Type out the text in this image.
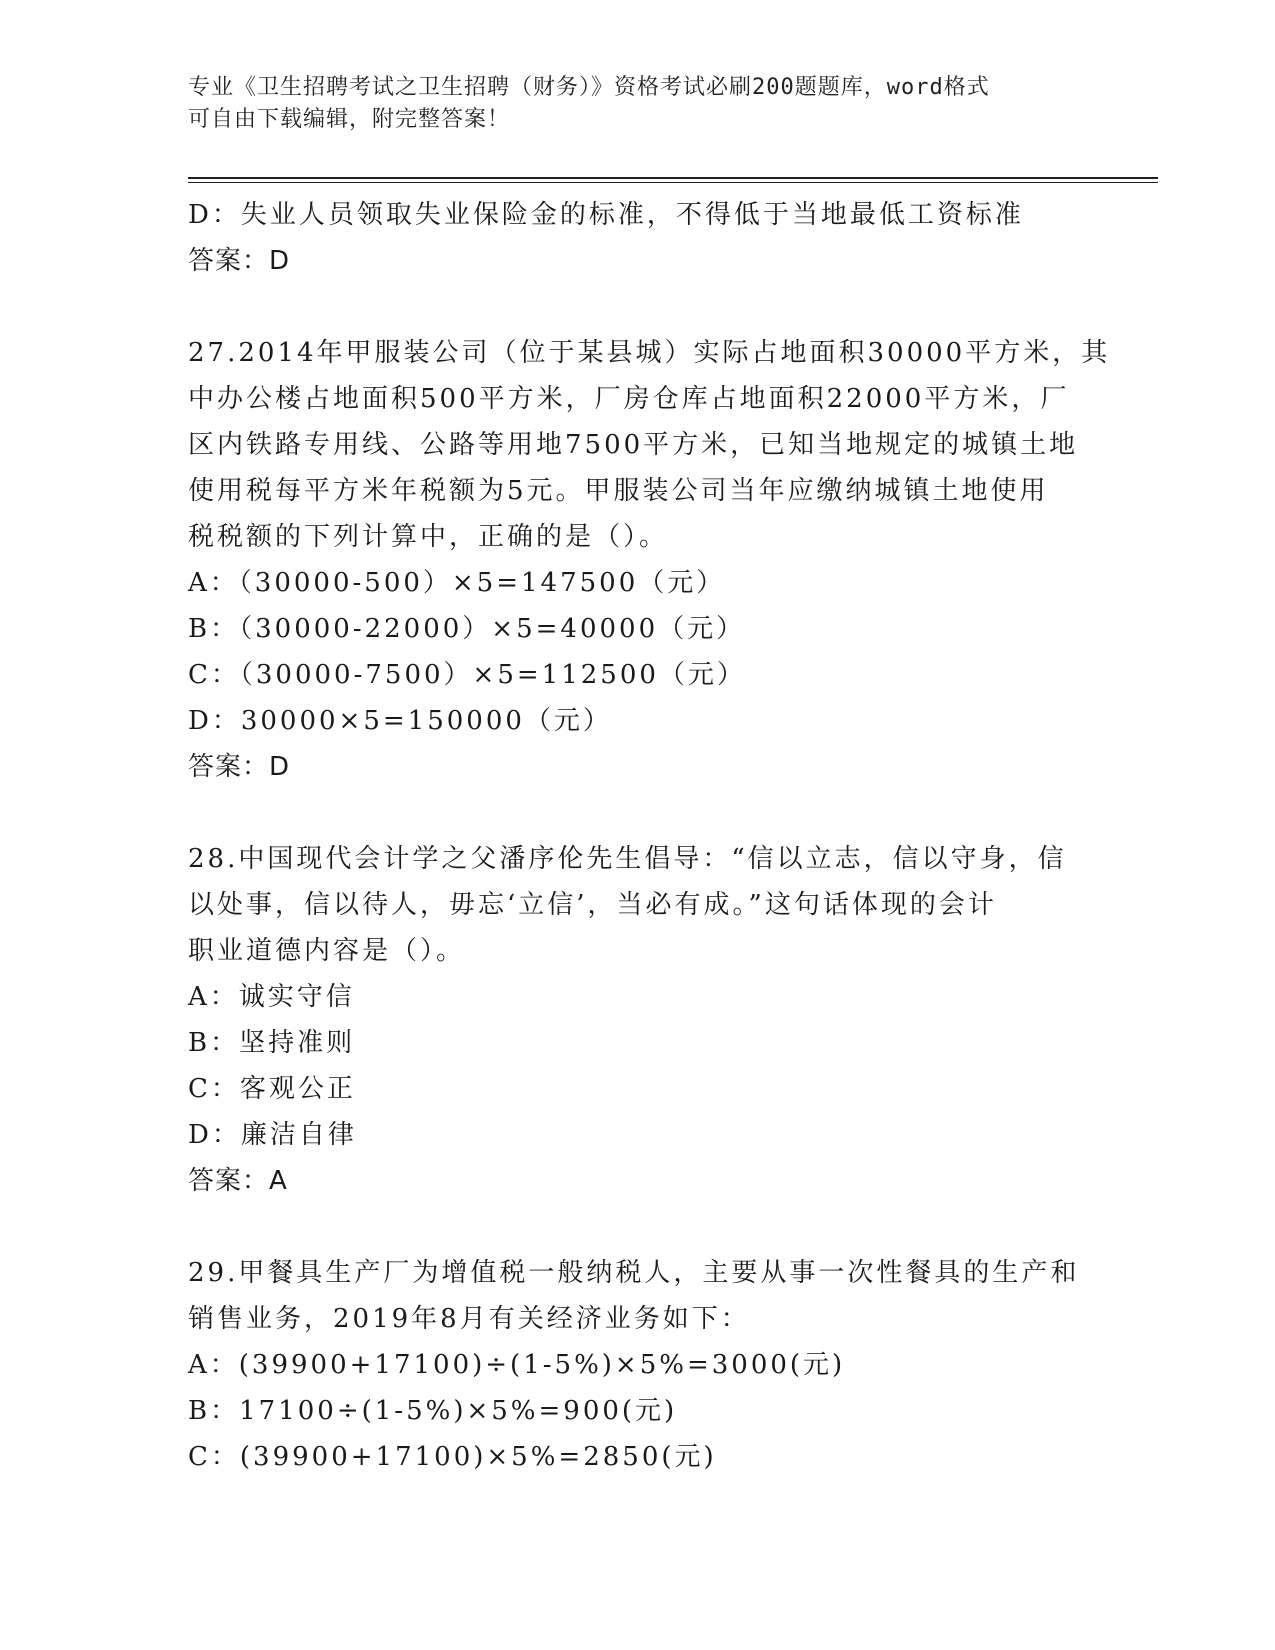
专业《卫生招聘考试之卫生招聘（财务）》资格考试必刷200题题库，word格式
可自由下载编辑，附完整答案！
D：失业人员领取失业保险金的标准，不得低于当地最低工资标准
答案：D
27.2014年甲服装公司（位于某县城）实际占地面积30000平方米，其
中办公楼占地面积500平方米，厂房仓库占地面积22000平方米，厂
区内铁路专用线、公路等用地7500平方米，已知当地规定的城镇土地
使用税每平方米年税额为5元。甲服装公司当年应缴纳城镇土地使用
税税额的下列计算中，正确的是（）。
A：（30000-500）×5=147500（元）
B：（30000-22000）×5=40000（元）
C：（30000-7500）×5=112500（元）
D：30000×5=150000（元）
答案：D
28.中国现代会计学之父潘序伦先生倡导：“信以立志，信以守身，信
以处事，信以待人，毋忘‘立信’，当必有成。”这句话体现的会计
职业道德内容是（）。
A：诚实守信
B：坚持准则
C：客观公正
D：廉洁自律
答案：A
29.甲餐具生产厂为增值税一般纳税人，主要从事一次性餐具的生产和
销售业务，2019年8月有关经济业务如下：
A：(39900+17100)÷(1-5%)×5%=3000(元)
B：17100÷(1-5%)×5%=900(元)
C：(39900+17100)×5%=2850(元)
